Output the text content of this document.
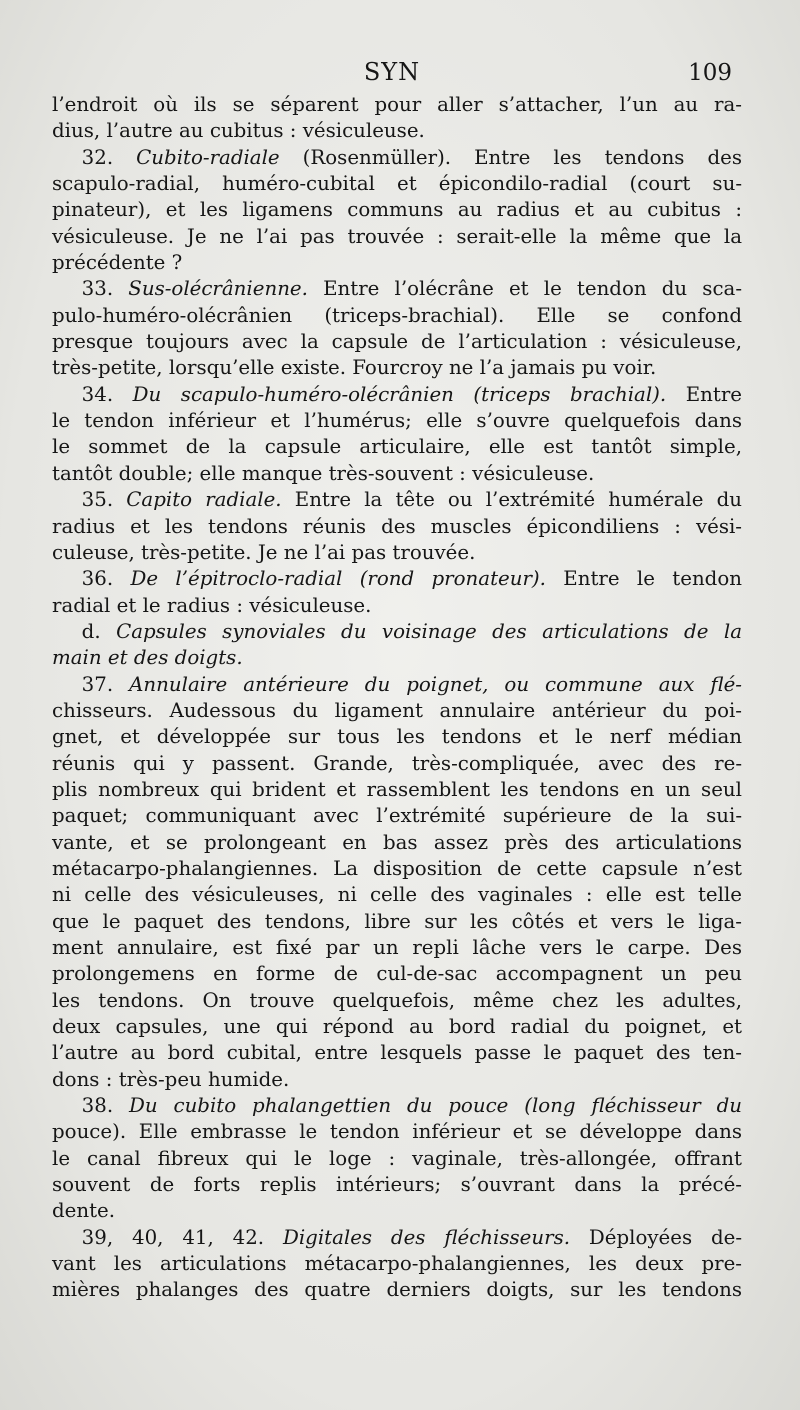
SYN	109

l’endroit où ils se séparent pour aller s’attacher, l’un au ra-
dius, l’autre au cubitus : vésiculeuse.

  32. Cubito-radiale (Rosenmüller). Entre les tendons des
scapulo-radial, huméro-cubital et épicondilo-radial (court su-
pinateur), et les ligamens communs au radius et au cubitus :
vésiculeuse. Je ne l’ai pas trouvée : serait-elle la même que la
précédente ?

  33. Sus-olécrânienne. Entre l’olécrâne et le tendon du sca-
pulo-huméro-olécrânien (triceps-brachial). Elle se confond
presque toujours avec la capsule de l’articulation : vésiculeuse,
très-petite, lorsqu’elle existe. Fourcroy ne l’a jamais pu voir.

  34. Du scapulo-huméro-olécrânien (triceps brachial). Entre
le tendon inférieur et l’humérus; elle s’ouvre quelquefois dans
le sommet de la capsule articulaire, elle est tantôt simple,
tantôt double; elle manque très-souvent : vésiculeuse.

  35. Capito radiale. Entre la tête ou l’extrémité humérale du
radius et les tendons réunis des muscles épicondiliens : vési-
culeuse, très-petite. Je ne l’ai pas trouvée.

  36. De l’épitroclo-radial (rond pronateur). Entre le tendon
radial et le radius : vésiculeuse.

  d. Capsules synoviales du voisinage des articulations de la
main et des doigts.

  37. Annulaire antérieure du poignet, ou commune aux flé-
chisseurs. Audessous du ligament annulaire antérieur du poi-
gnet, et développée sur tous les tendons et le nerf médian
réunis qui y passent. Grande, très-compliquée, avec des re-
plis nombreux qui brident et rassemblent les tendons en un seul
paquet; communiquant avec l’extrémité supérieure de la sui-
vante, et se prolongeant en bas assez près des articulations
métacarpo-phalangiennes. La disposition de cette capsule n’est
ni celle des vésiculeuses, ni celle des vaginales : elle est telle
que le paquet des tendons, libre sur les côtés et vers le liga-
ment annulaire, est fixé par un repli lâche vers le carpe. Des
prolongemens en forme de cul-de-sac accompagnent un peu
les tendons. On trouve quelquefois, même chez les adultes,
deux capsules, une qui répond au bord radial du poignet, et
l’autre au bord cubital, entre lesquels passe le paquet des ten-
dons : très-peu humide.

  38. Du cubito phalangettien du pouce (long fléchisseur du
pouce). Elle embrasse le tendon inférieur et se développe dans
le canal fibreux qui le loge : vaginale, très-allongée, offrant
souvent de forts replis intérieurs; s’ouvrant dans la précé-
dente.

  39, 40, 41, 42. Digitales des fléchisseurs. Déployées de-
vant les articulations métacarpo-phalangiennes, les deux pre-
mières phalanges des quatre derniers doigts, sur les tendons
